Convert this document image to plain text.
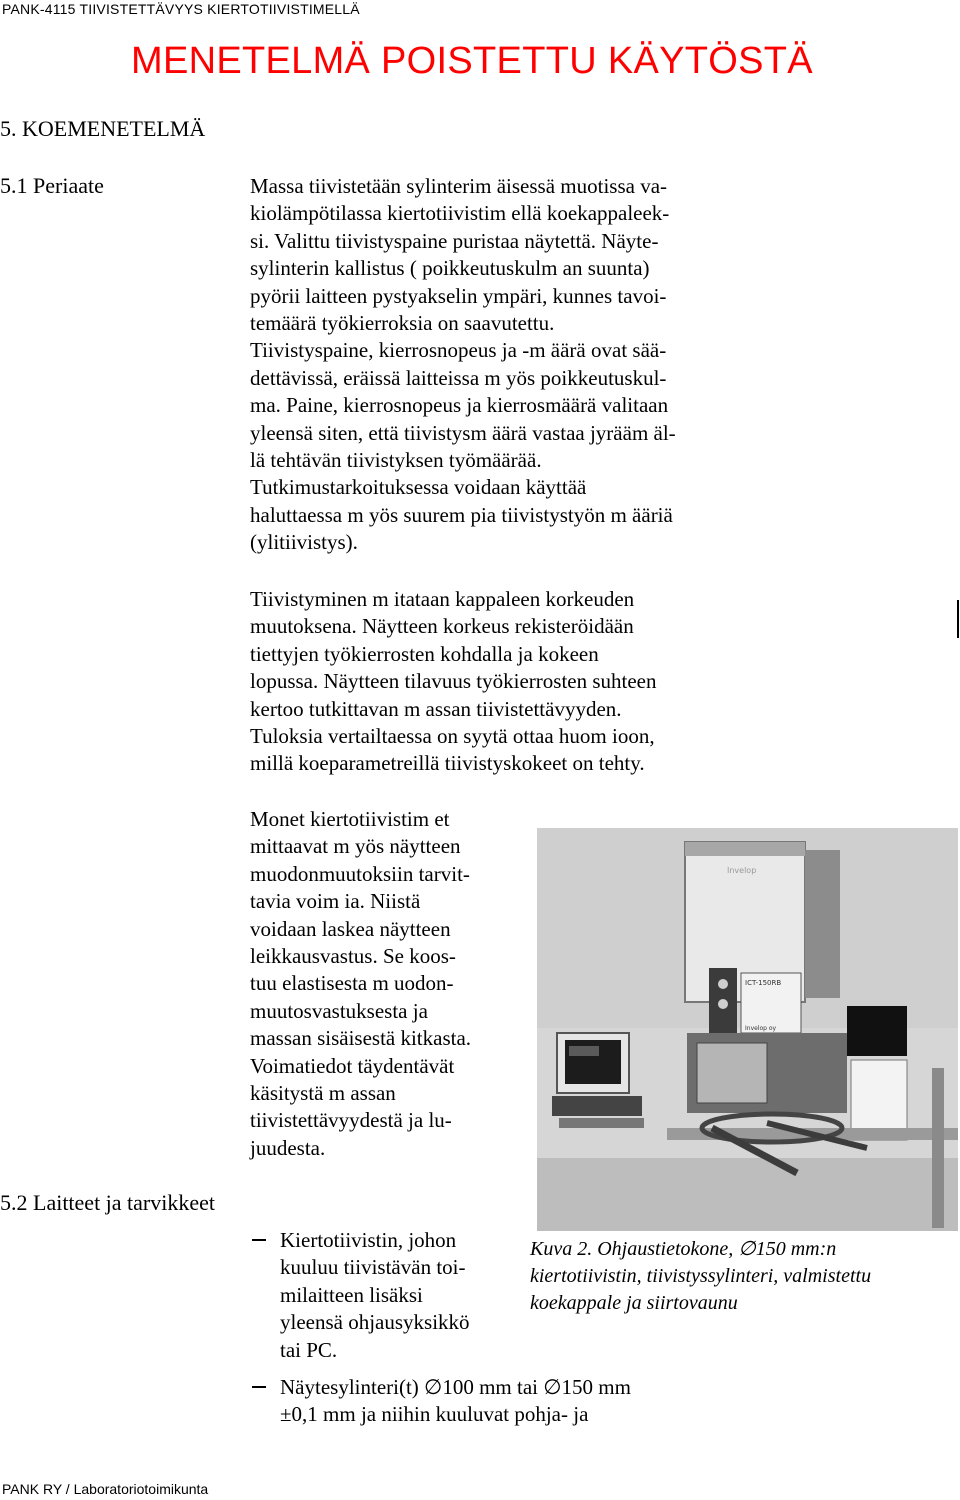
PANK-4115 TIIVISTETTÄVYYS KIERTOTIIVISTIMELLÄ
MENETELMÄ POISTETTU KÄYTÖSTÄ
5. KOEMENETELMÄ
5.1 Periaate	Massa tiivistetään sylinterim äisessä muotissa va-
kiolämpötilassa kiertotiivistim ellä koekappaleek-
si. Valittu tiivistyspaine puristaa näytettä. Näyte-
sylinterin kallistus ( poikkeutuskulm an suunta)
pyörii laitteen pystyakselin ympäri, kunnes tavoi-
temäärä työkierroksia on saavutettu.
Tiivistyspaine, kierrosnopeus ja -m äärä ovat sää-
dettävissä, eräissä laitteissa m yös poikkeutuskul-
ma. Paine, kierrosnopeus ja kierrosmäärä valitaan
yleensä siten, että tiivistysm äärä vastaa jyrääm äl-
lä tehtävän tiivistyksen työmäärää.
Tutkimustarkoituksessa voidaan käyttää
haluttaessa m yös suurem pia tiivistystyön m ääriä
(ylitiivistys).
Tiivistyminen m itataan kappaleen korkeuden
muutoksena. Näytteen korkeus rekisteröidään
tiettyjen työkierrosten kohdalla ja kokeen
lopussa. Näytteen tilavuus työkierrosten suhteen
kertoo tutkittavan m assan tiivistettävyyden.
Tuloksia vertailtaessa on syytä ottaa huom ioon,
millä koeparametreillä tiivistyskokeet on tehty.
Monet kiertotiivistim et
mittaavat m yös näytteen
muodonmuutoksiin tarvit-
tavia voim ia. Niistä
voidaan laskea näytteen
leikkausvastus. Se koos-
tuu elastisesta m uodon-
muutosvastuksesta ja
massan sisäisestä kitkasta.
Voimatiedot täydentävät
käsitystä m assan
tiivistettävyydestä ja lu-
juudesta.
Invelop
ICT-150RB
Invelop oy
Kuva 2. Ohjaustietokone, ∅150 mm:n
kiertotiivistin, tiivistyssylinteri, valmistettu
koekappale ja siirtovaunu
5.2 Laitteet ja tarvikkeet
Kiertotiivistin, johon
kuuluu tiivistävän toi-
milaitteen lisäksi
yleensä ohjausyksikkö
tai PC.
Näytesylinteri(t) ∅100 mm tai ∅150 mm
±0,1 mm ja niihin kuuluvat pohja- ja
PANK RY / Laboratoriotoimikunta
